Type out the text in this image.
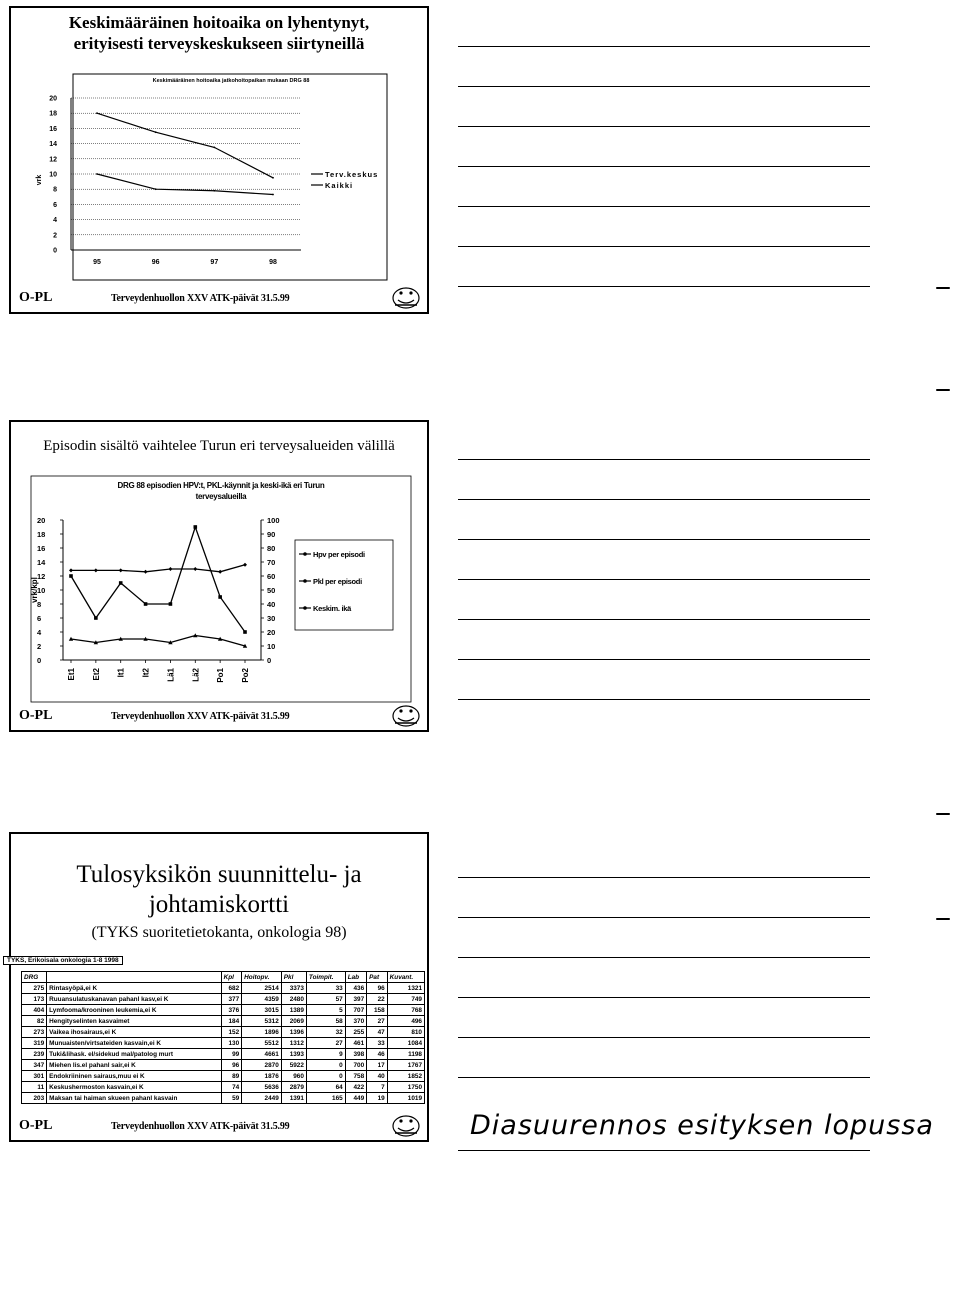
Keskimääräinen hoitoaika on lyhentynyt,
erityisesti terveyskeskukseen siirtyneillä
Keskimääräinen hoitoaika jatkohoitopaikan mukaan DRG 88
0
2
4
6
8
10
12
14
16
18
20
vrk
95	96	97	98
Terv.keskus
Kaikki
O-PL	Terveydenhuollon XXV ATK-päivät 31.5.99
Episodin sisältö vaihtelee Turun eri terveysalueiden välillä
DRG 88 episodien HPV:t, PKL-käynnit ja keski-ikä eri Turun
terveysalueilla
0
2
4
6
8
10
12
14
16
18
20
0
10
20
30
40
50
60
70
80
90
100
vrk/kpl
Et1 Et2 It1 It2 Lä1 Lä2 Po1 Po2
Hpv per episodi
Pkl per episodi
Keskim. ikä
O-PL	Terveydenhuollon XXV ATK-päivät 31.5.99
Tulosyksikön suunnittelu- ja
johtamiskortti
(TYKS suoritetietokanta, onkologia 98)
TYKS, Erikoisala onkologia 1-8 1998
DRG		Kpl	Hoitopv.	Pkl	Toimpit.	Lab	Pat	Kuvant.
275	Rintasyöpä,ei K	682	2514	3373	33	436	96	1321
173	Ruuansulatuskanavan pahanl kasv,ei K	377	4359	2480	57	397	22	749
404	Lymfooma/krooninen leukemia,ei K	376	3015	1389	5	707	158	768
82	Hengityselinten kasvaimet	184	5312	2069	58	370	27	496
273	Vaikea ihosairaus,ei K	152	1896	1396	32	255	47	810
319	Munuaisten/virtsateiden kasvain,ei K	130	5512	1312	27	461	33	1084
239	Tuki&lihask. el/sidekud mal/patolog murt	99	4661	1393	9	398	46	1198
347	Miehen lis.el pahanl sair,ei K	96	2870	5922	0	700	17	1767
301	Endokriininen sairaus,muu ei K	89	1876	960	0	758	40	1852
11	Keskushermoston kasvain,ei K	74	5636	2879	64	422	7	1750
203	Maksan tai haiman skueen pahanl kasvain	59	2449	1391	165	449	19	1019
O-PL	Terveydenhuollon XXV ATK-päivät 31.5.99	Diasuurennos esityksen lopussa
